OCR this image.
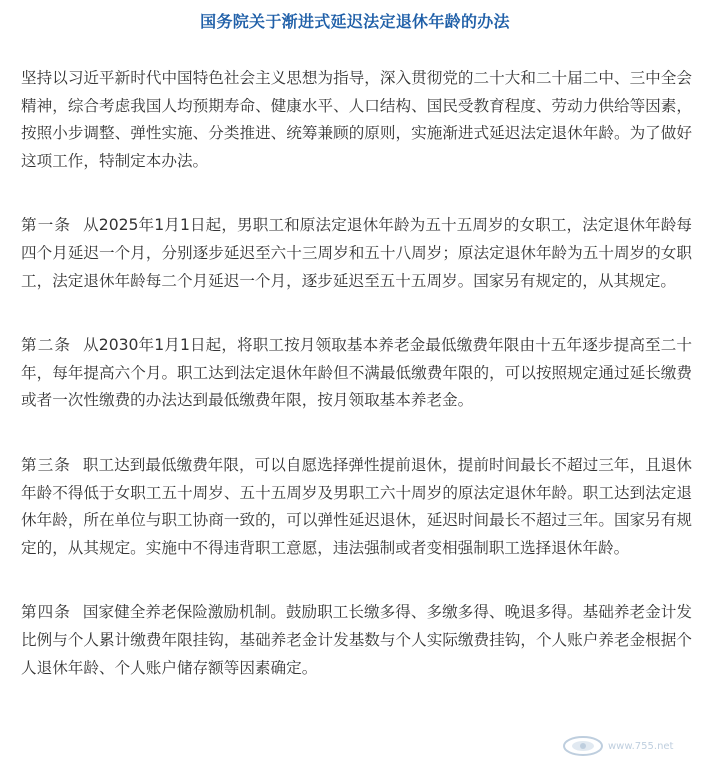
国务院关于渐进式延迟法定退休年龄的办法

坚持以习近平新时代中国特色社会主义思想为指导，深入贯彻党的二十大和二十届二中、三中全会精神，综合考虑我国人均预期寿命、健康水平、人口结构、国民受教育程度、劳动力供给等因素，按照小步调整、弹性实施、分类推进、统筹兼顾的原则，实施渐进式延迟法定退休年龄。为了做好这项工作，特制定本办法。

第一条 从2025年1月1日起，男职工和原法定退休年龄为五十五周岁的女职工，法定退休年龄每四个月延迟一个月，分别逐步延迟至六十三周岁和五十八周岁；原法定退休年龄为五十周岁的女职工，法定退休年龄每二个月延迟一个月，逐步延迟至五十五周岁。国家另有规定的，从其规定。

第二条 从2030年1月1日起，将职工按月领取基本养老金最低缴费年限由十五年逐步提高至二十年，每年提高六个月。职工达到法定退休年龄但不满最低缴费年限的，可以按照规定通过延长缴费或者一次性缴费的办法达到最低缴费年限，按月领取基本养老金。

第三条 职工达到最低缴费年限，可以自愿选择弹性提前退休，提前时间最长不超过三年，且退休年龄不得低于女职工五十周岁、五十五周岁及男职工六十周岁的原法定退休年龄。职工达到法定退休年龄，所在单位与职工协商一致的，可以弹性延迟退休，延迟时间最长不超过三年。国家另有规定的，从其规定。实施中不得违背职工意愿，违法强制或者变相强制职工选择退休年龄。

第四条 国家健全养老保险激励机制。鼓励职工长缴多得、多缴多得、晚退多得。基础养老金计发比例与个人累计缴费年限挂钩，基础养老金计发基数与个人实际缴费挂钩，个人账户养老金根据个人退休年龄、个人账户储存额等因素确定。

www.755.net
